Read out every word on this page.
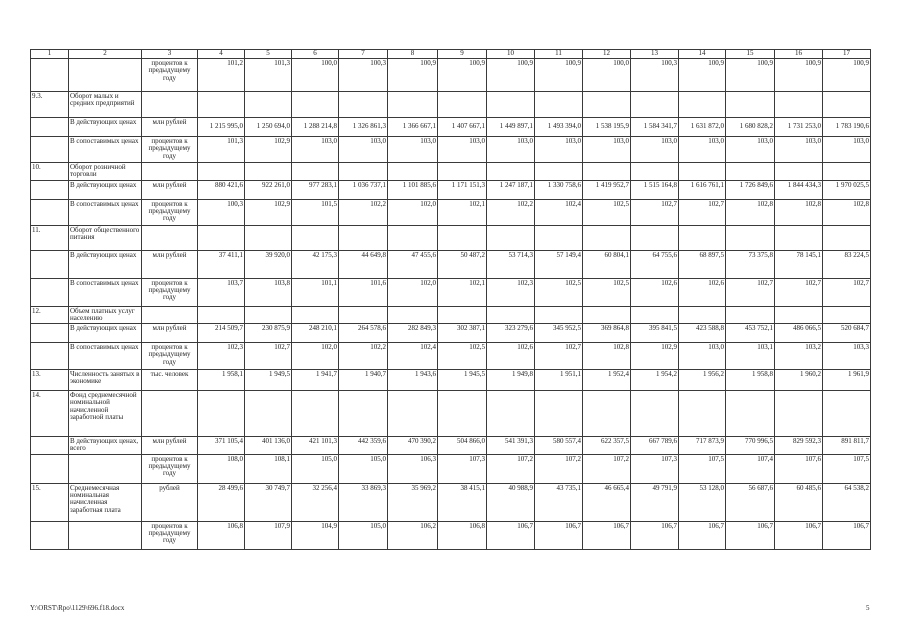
1	2	3	4	5	6	7	8	9	10	11	12	13	14	15	16	17
		процентов к предыдущему году	101,2	101,3	100,0	100,3	100,9	100,9	100,9	100,9	100,0	100,3	100,9	100,9	100,9	100,9
9.3.	Оборот малых и средних предприятий															
	В действующих ценах	млн рублей	1 215 995,0	1 250 694,0	1 288 214,8	1 326 861,3	1 366 667,1	1 407 667,1	1 449 897,1	1 493 394,0	1 538 195,9	1 584 341,7	1 631 872,0	1 680 828,2	1 731 253,0	1 783 190,6
	В сопоставимых ценах	процентов к предыдущему году	101,3	102,9	103,0	103,0	103,0	103,0	103,0	103,0	103,0	103,0	103,0	103,0	103,0	103,0
10.	Оборот розничной торговли															
	В действующих ценах	млн рублей	880 421,6	922 261,0	977 283,1	1 036 737,1	1 101 885,6	1 171 151,3	1 247 187,1	1 330 758,6	1 419 952,7	1 515 164,8	1 616 761,1	1 726 849,6	1 844 434,3	1 970 025,5
	В сопоставимых ценах	процентов к предыдущему году	100,3	102,9	101,5	102,2	102,0	102,1	102,2	102,4	102,5	102,7	102,7	102,8	102,8	102,8
11.	Оборот общественного питания															
	В действующих ценах	млн рублей	37 411,1	39 920,0	42 175,3	44 649,8	47 455,6	50 487,2	53 714,3	57 149,4	60 804,1	64 755,6	68 897,5	73 375,8	78 145,1	83 224,5
	В сопоставимых ценах	процентов к предыдущему году	103,7	103,8	101,1	101,6	102,0	102,1	102,3	102,5	102,5	102,6	102,6	102,7	102,7	102,7
12.	Объем платных услуг населению															
	В действующих ценах	млн рублей	214 509,7	230 875,9	248 210,1	264 578,6	282 849,3	302 387,1	323 279,6	345 952,5	369 864,8	395 841,5	423 588,8	453 752,1	486 066,5	520 684,7
	В сопоставимых ценах	процентов к предыдущему году	102,3	102,7	102,0	102,2	102,4	102,5	102,6	102,7	102,8	102,9	103,0	103,1	103,2	103,3
13.	Численность занятых в экономике	тыс. человек	1 958,1	1 949,5	1 941,7	1 940,7	1 943,6	1 945,5	1 949,8	1 951,1	1 952,4	1 954,2	1 956,2	1 958,8	1 960,2	1 961,9
14.	Фонд среднемесячной номинальной начисленной заработной платы															
	В действующих ценах, всего	млн рублей	371 105,4	401 136,0	421 101,3	442 359,6	470 390,2	504 866,0	541 391,3	580 557,4	622 357,5	667 789,6	717 873,9	770 996,5	829 592,3	891 811,7
		процентов к предыдущему году	108,0	108,1	105,0	105,0	106,3	107,3	107,2	107,2	107,2	107,3	107,5	107,4	107,6	107,5
15.	Среднемесячная номинальная начисленная заработная плата	рублей	28 499,6	30 749,7	32 256,4	33 869,3	35 969,2	38 415,1	40 988,9	43 735,1	46 665,4	49 791,9	53 128,0	56 687,6	60 485,6	64 538,2
		процентов к предыдущему году	106,8	107,9	104,9	105,0	106,2	106,8	106,7	106,7	106,7	106,7	106,7	106,7	106,7	106,7
Y:\ORST\Rpo\1129\696.f18.docx	5
